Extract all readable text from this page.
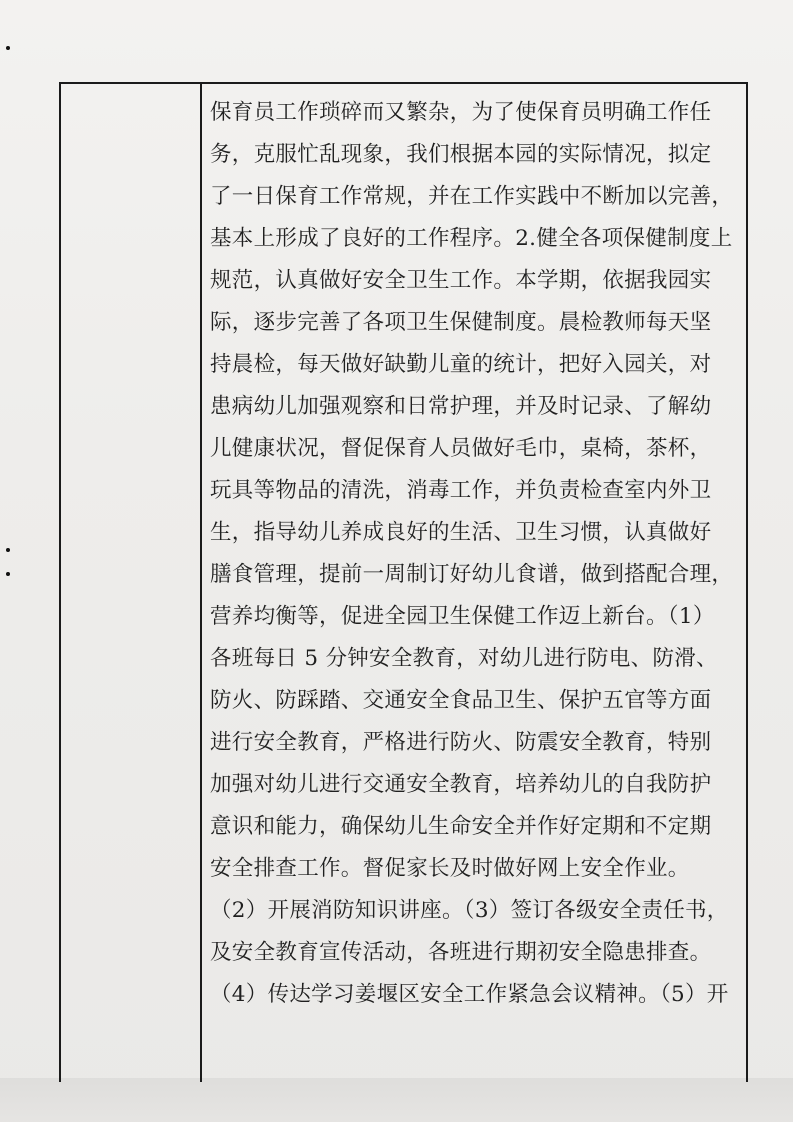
保育员工作琐碎而又繁杂，为了使保育员明确工作任
务，克服忙乱现象，我们根据本园的实际情况，拟定
了一日保育工作常规，并在工作实践中不断加以完善，
基本上形成了良好的工作程序。2.健全各项保健制度上
规范，认真做好安全卫生工作。本学期，依据我园实
际，逐步完善了各项卫生保健制度。晨检教师每天坚
持晨检，每天做好缺勤儿童的统计，把好入园关，对
患病幼儿加强观察和日常护理，并及时记录、了解幼
儿健康状况，督促保育人员做好毛巾，桌椅，茶杯，
玩具等物品的清洗，消毒工作，并负责检查室内外卫
生，指导幼儿养成良好的生活、卫生习惯，认真做好
膳食管理，提前一周制订好幼儿食谱，做到搭配合理，
营养均衡等，促进全园卫生保健工作迈上新台。（1）
各班每日 5 分钟安全教育，对幼儿进行防电、防滑、
防火、防踩踏、交通安全食品卫生、保护五官等方面
进行安全教育，严格进行防火、防震安全教育，特别
加强对幼儿进行交通安全教育，培养幼儿的自我防护
意识和能力，确保幼儿生命安全并作好定期和不定期
安全排查工作。督促家长及时做好网上安全作业。
（2）开展消防知识讲座。（3）签订各级安全责任书，
及安全教育宣传活动，各班进行期初安全隐患排查。
（4）传达学习姜堰区安全工作紧急会议精神。（5）开
